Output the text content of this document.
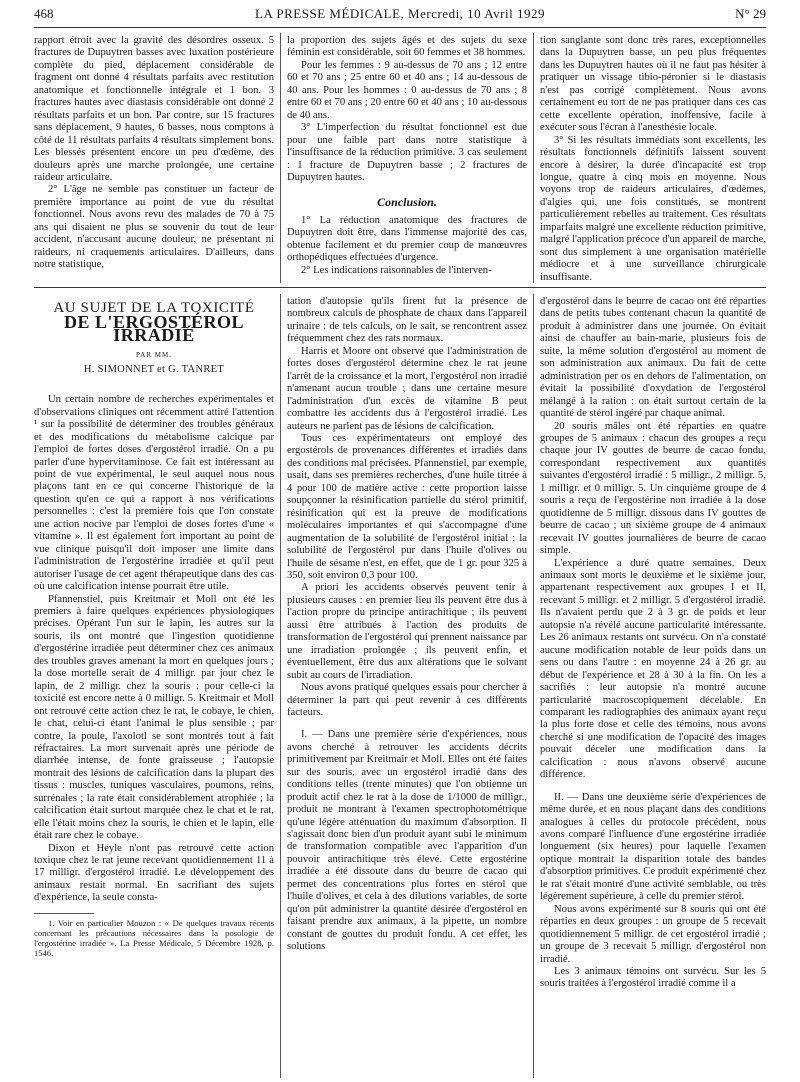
468	LA PRESSE MÉDICALE, Mercredi, 10 Avril 1929	N° 29

rapport étroit avec la gravité des désordres osseux. 5 fractures de Dupuytren basses avec luxation postérieure complète du pied, déplacement considérable de fragment ont donné 4 résultats parfaits avec restitution anatomique et fonctionnelle intégrale et 1 bon. 3 fractures hautes avec diastasis considérable ont donné 2 résultats parfaits et un bon. Par contre, sur 15 fractures sans déplacement, 9 hautes, 6 basses, nous comptons à côté de 11 résultats parfaits 4 résultats simplement bons. Les blessés présentent encore un peu d'œdème, des douleurs après une marche prolongée, une certaine raideur articulaire.

2° L'âge ne semble pas constituer un facteur de première importance au point de vue du résultat fonctionnel. Nous avons revu des malades de 70 à 75 ans qui disaient ne plus se souvenir du tout de leur accident, n'accusant aucune douleur, ne présentant ni raideurs, ni craquements articulaires. D'ailleurs, dans notre statistique,

la proportion des sujets âgés et des sujets du sexe féminin est considérable, soit 60 femmes et 38 hommes.

Pour les femmes : 9 au-dessus de 70 ans ; 12 entre 60 et 70 ans ; 25 entre 60 et 40 ans ; 14 au-dessous de 40 ans. Pour les hommes : 0 au-dessus de 70 ans ; 8 entre 60 et 70 ans ; 20 entre 60 et 40 ans ; 10 au-dessous de 40 ans.

3° L'imperfection du résultat fonctionnel est due pour une faible part dans notre statistique à l'insuffisance de la réduction primitive. 3 cas seulement : 1 fracture de Dupuytren basse ; 2 fractures de Dupuytren hautes.

Conclusion.

1° La réduction anatomique des fractures de Dupuytren doit être, dans l'immense majorité des cas, obtenue facilement et du premier coup de manœuvres orthopédiques effectuées d'urgence.

2° Les indications raisonnables de l'interven-

tion sanglante sont donc très rares, exceptionnelles dans la Dupuytren basse, un peu plus fréquentes dans les Dupuytren hautes où il ne faut pas hésiter à pratiquer un vissage tibio-péronier si le diastasis n'est pas corrigé complètement. Nous avons certainement eu tort de ne pas pratiquer dans ces cas cette excellente opération, inoffensive, facile à exécuter sous l'écran à l'anesthésie locale.

3° Si les résultats immédiats sont excellents, les résultats fonctionnels définitifs laissent souvent encore à désirer, la durée d'incapacité est trop longue, quatre à cinq mois en moyenne. Nous voyons trop de raideurs articulaires, d'œdèmes, d'algies qui, une fois constitués, se montrent particulièrement rebelles au traitement. Ces résultats imparfaits malgré une excellente réduction primitive, malgré l'application précoce d'un appareil de marche, sont dus simplement à une organisation matérielle médiocre et à une surveillance chirurgicale insuffisante.

AU SUJET DE LA TOXICITÉ
DE L'ERGOSTÉROL IRRADIÉ
PAR MM.
H. SIMONNET et G. TANRET

Un certain nombre de recherches expérimentales et d'observations cliniques ont récemment attiré l'attention ¹ sur la possibilité de déterminer des troubles généraux et des modifications du métabolisme calcique par l'emploi de fortes doses d'ergostérol irradié. On a pu parler d'une hypervitaminose. Ce fait est intéressant au point de vue expérimental, le seul auquel nous nous plaçons tant en ce qui concerne l'historique de la question qu'en ce qui a rapport à nos vérifications personnelles : c'est la première fois que l'on constate une action nocive par l'emploi de doses fortes d'une « vitamine ». Il est également fort important au point de vue clinique puisqu'il doit imposer une limite dans l'administration de l'ergostérine irradiée et qu'il peut autoriser l'usage de cet agent thérapeutique dans des cas où une calcification intense pourrait être utile.

Pfannenstiel, puis Kreitmair et Moll ont été les premiers à faire quelques expériences physiologiques précises. Opérant l'un sur le lapin, les autres sur la souris, ils ont montré que l'ingestion quotidienne d'ergostérine irradiée peut déterminer chez ces animaux des troubles graves amenant la mort en quelques jours ; la dose mortelle serait de 4 milligr. par jour chez le lapin, de 2 milligr. chez la souris : pour celle-ci la toxicité est encore nette à 0 milligr. 5. Kreitmair et Moll ont retrouvé cette action chez le rat, le cobaye, le chien, le chat, celui-ci étant l'animal le plus sensible ; par contre, la poule, l'axolotl se sont montrés tout à fait réfractaires. La mort survenait après une période de diarrhée intense, de fonte graisseuse ; l'autopsie montrait des lésions de calcification dans la plupart des tissus : muscles, tuniques vasculaires, poumons, reins, surrénales ; la rate était considérablement atrophiée ; la calcification était surtout marquée chez le chat et le rat, elle l'était moins chez la souris, le chien et le lapin, elle était rare chez le cobaye.

Dixon et Heyle n'ont pas retrouvé cette action toxique chez le rat jeune recevant quotidiennement 11 à 17 milligr. d'ergostérol irradié. Le développement des animaux restait normal. En sacrifiant des sujets d'expérience, la seule consta-

1. Voir en particulier Mouzon : « De quelques travaux récents concernant les précautions nécessaires dans la posologie de l'ergostérine irradiée ». La Presse Médicale, 5 Décembre 1928, p. 1546.

tation d'autopsie qu'ils firent fut la présence de nombreux calculs de phosphate de chaux dans l'appareil urinaire : de tels calculs, on le sait, se rencontrent assez fréquemment chez des rats normaux.

Harris et Moore ont observé que l'administration de fortes doses d'ergostérol détermine chez le rat jeune l'arrêt de la croissance et la mort, l'ergostérol non irradié n'amenant aucun trouble ; dans une certaine mesure l'administration d'un excès de vitamine B peut combattre les accidents dus à l'ergostérol irradié. Les auteurs ne parlent pas de lésions de calcification.

Tous ces expérimentateurs ont employé des ergostérols de provenances différentes et irradiés dans des conditions mal précisées. Pfannenstiel, par exemple, usait, dans ses premières recherches, d'une huile titrée à 4 pour 100 de matière active : cette proportion laisse soupçonner la résinification partielle du stérol primitif, résinification qui est la preuve de modifications moléculaires importantes et qui s'accompagne d'une augmentation de la solubilité de l'ergostérol initial ; la solubilité de l'ergostérol pur dans l'huile d'olives ou l'huile de sésame n'est, en effet, que de 1 gr. pour 325 à 350, soit environ 0,3 pour 100.

A priori les accidents observés peuvent tenir à plusieurs causes : en premier lieu ils peuvent être dus à l'action propre du principe antirachitique ; ils peuvent aussi être attribués à l'action des produits de transformation de l'ergostérol qui prennent naissance par une irradiation prolongée ; ils peuvent enfin, et éventuellement, être dus aux altérations que le solvant subit au cours de l'irradiation.

Nous avons pratiqué quelques essais pour chercher à déterminer la part qui peut revenir à ces différents facteurs.

I. — Dans une première série d'expériences, nous avons cherché à retrouver les accidents décrits primitivement par Kreitmair et Moll. Elles ont été faites sur des souris, avec un ergostérol irradié dans des conditions telles (trente minutes) que l'on obtienne un produit actif chez le rat à la dose de 1/1000 de milligr., produit ne montrant à l'examen spectrophotométrique qu'une légère atténuation du maximum d'absorption. Il s'agissait donc bien d'un produit ayant subi le minimum de transformation compatible avec l'apparition d'un pouvoir antirachitique très élevé. Cette ergostérine irradiée a été dissoute dans du beurre de cacao qui permet des concentrations plus fortes en stérol que l'huile d'olives, et cela à des dilutions variables, de sorte qu'on pût administrer la quantité désirée d'ergostérol en faisant prendre aux animaux, à la pipette, un nombre constant de gouttes du produit fondu. A cet effet, les solutions

d'ergostérol dans le beurre de cacao ont été réparties dans de petits tubes contenant chacun la quantité de produit à administrer dans une journée. On évitait ainsi de chauffer au bain-marie, plusieurs fois de suite, la même solution d'ergostérol au moment de son administration aux animaux. Du fait de cette administration per os en dehors de l'alimentation, on évitait la possibilité d'oxydation de l'ergostérol mélangé à la ration : on était surtout certain de la quantité de stérol ingéré par chaque animal.

20 souris mâles ont été réparties en quatre groupes de 5 animaux : chacun des groupes a reçu chaque jour IV gouttes de beurre de cacao fondu, correspondant respectivement aux quantités suivantes d'ergostérol irradié : 5 milligr., 2 milligr. 5, 1 milligr. et 0 milligr. 5. Un cinquième groupe de 4 souris a reçu de l'ergostérine non irradiée à la dose quotidienne de 5 milligr. dissous dans IV gouttes de beurre de cacao ; un sixième groupe de 4 animaux recevait IV gouttes journalières de beurre de cacao simple.

L'expérience a duré quatre semaines. Deux animaux sont morts le deuxième et le sixième jour, appartenant respectivement aux groupes I et II, recevant 5 milligr. et 2 milligr. 5 d'ergostérol irradié. Ils n'avaient perdu que 2 à 3 gr. de poids et leur autopsie n'a révélé aucune particularité intéressante. Les 26 animaux restants ont survécu. On n'a constaté aucune modification notable de leur poids dans un sens ou dans l'autre : en moyenne 24 à 26 gr. au début de l'expérience et 28 à 30 à la fin. On les a sacrifiés : leur autopsie n'a montré aucune particularité macroscopiquement décelable. En comparant les radiographies des animaux ayant reçu la plus forte dose et celle des témoins, nous avons cherché si une modification de l'opacité des images pouvait déceler une modification dans la calcification : nous n'avons observé aucune différence.

II. — Dans une deuxième série d'expériences de même durée, et en nous plaçant dans des conditions analogues à celles du protocole précédent, nous avons comparé l'influence d'une ergostérine irradiée longuement (six heures) pour laquelle l'examen optique montrait la disparition totale des bandes d'absorption primitives. Ce produit expérimenté chez le rat s'était montré d'une activité semblable, ou très légèrement supérieure, à celle du premier stérol.

Nous avons expérimenté sur 8 souris qui ont été réparties en deux groupes : un groupe de 5 recevait quotidiennement 5 milligr. de cet ergostérol irradié ; un groupe de 3 recevait 5 milligr. d'ergostérol non irradié.

Les 3 animaux témoins ont survécu. Sur les 5 souris traitées à l'ergostérol irradié comme il a
